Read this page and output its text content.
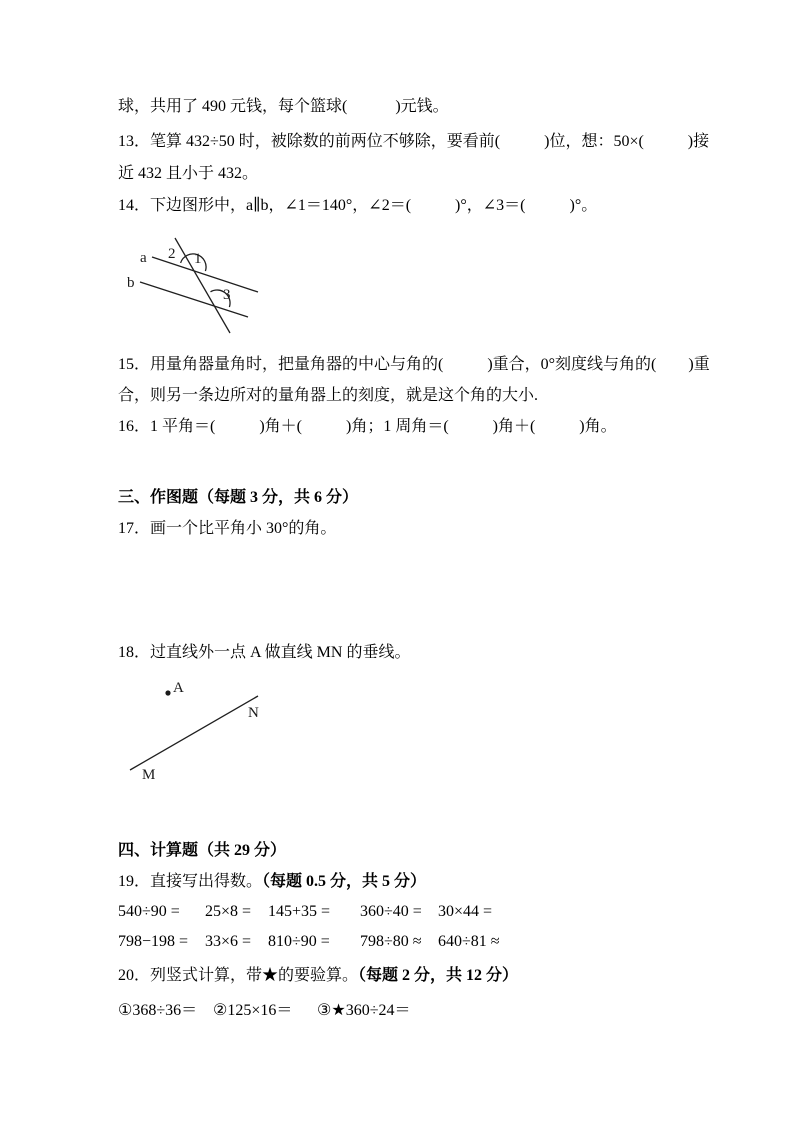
球，共用了 490 元钱，每个篮球(            )元钱。

13．笔算 432÷50 时，被除数的前两位不够除，要看前(           )位，想：50×(           )接

近 432 且小于 432。

14．下边图形中，a∥b，∠1＝140°，∠2＝(           )°，∠3＝(           )°。

a
b
2 1
3

15．用量角器量角时，把量角器的中心与角的(           )重合，0°刻度线与角的(        )重

合，则另一条边所对的量角器上的刻度，就是这个角的大小.

16．1 平角＝(           )角＋(           )角；1 周角＝(           )角＋(           )角。

三、作图题（每题 3 分，共 6 分）

17．画一个比平角小 30°的角。

18．过直线外一点 A 做直线 MN 的垂线。

A
N
M

四、计算题（共 29 分）

19．直接写出得数。（每题 0.5 分，共 5 分）

540÷90 = 25×8 = 145+35 = 360÷40 = 30×44 =
798−198 = 33×6 = 810÷90 = 798÷80 ≈ 640÷81 ≈

20．列竖式计算，带★的要验算。（每题 2 分，共 12 分）

①368÷36＝ ②125×16＝ ③★360÷24＝
